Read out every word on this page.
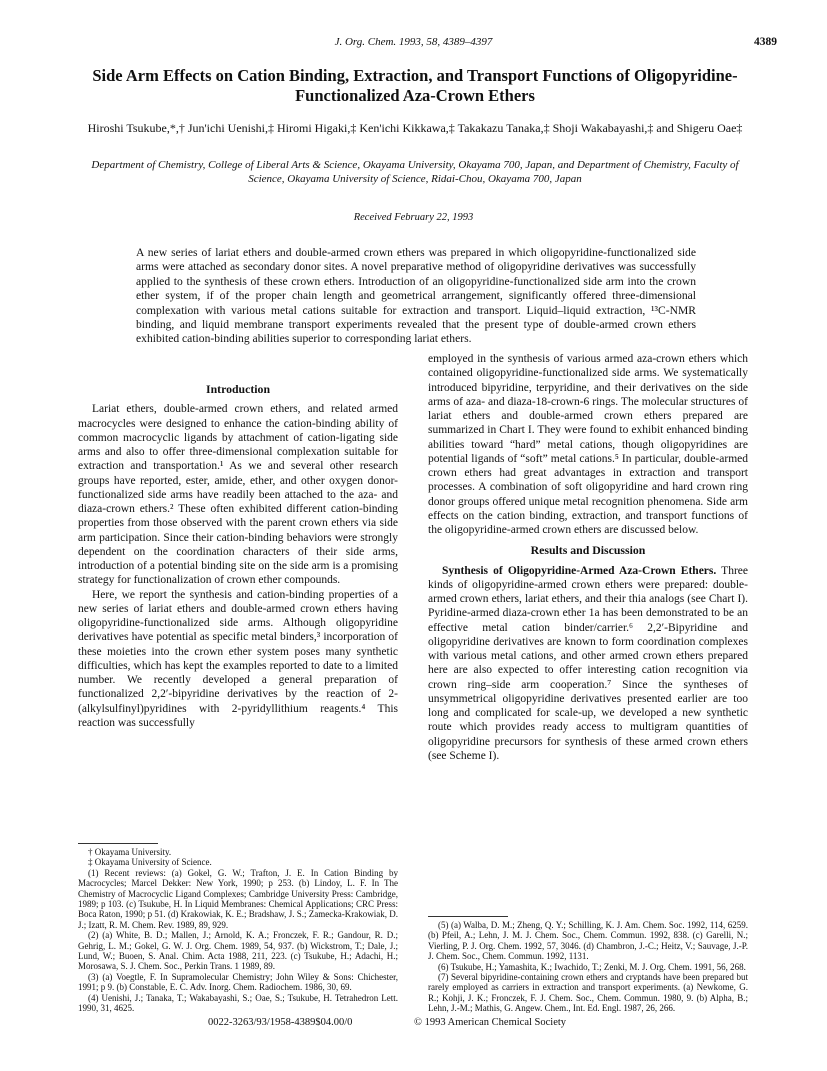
J. Org. Chem. 1993, 58, 4389–4397	4389
Side Arm Effects on Cation Binding, Extraction, and Transport Functions of Oligopyridine-Functionalized Aza-Crown Ethers
Hiroshi Tsukube,*,† Jun'ichi Uenishi,‡ Hiromi Higaki,‡ Ken'ichi Kikkawa,‡ Takakazu Tanaka,‡ Shoji Wakabayashi,‡ and Shigeru Oae‡
Department of Chemistry, College of Liberal Arts & Science, Okayama University, Okayama 700, Japan, and Department of Chemistry, Faculty of Science, Okayama University of Science, Ridai-Chou, Okayama 700, Japan
Received February 22, 1993
A new series of lariat ethers and double-armed crown ethers was prepared in which oligopyridine-functionalized side arms were attached as secondary donor sites. A novel preparative method of oligopyridine derivatives was successfully applied to the synthesis of these crown ethers. Introduction of an oligopyridine-functionalized side arm into the crown ether system, if of the proper chain length and geometrical arrangement, significantly offered three-dimensional complexation with various metal cations suitable for extraction and transport. Liquid–liquid extraction, ¹³C-NMR binding, and liquid membrane transport experiments revealed that the present type of double-armed crown ethers exhibited cation-binding abilities superior to corresponding lariat ethers.
Introduction

Lariat ethers, double-armed crown ethers, and related armed macrocycles were designed to enhance the cation-binding ability of common macrocyclic ligands by attachment of cation-ligating side arms and also to offer three-dimensional complexation suitable for extraction and transportation.¹ As we and several other research groups have reported, ester, amide, ether, and other oxygen donor-functionalized side arms have readily been attached to the aza- and diaza-crown ethers.² These often exhibited different cation-binding properties from those observed with the parent crown ethers via side arm participation. Since their cation-binding behaviors were strongly dependent on the coordination characters of their side arms, introduction of a potential binding site on the side arm is a promising strategy for functionalization of crown ether compounds.

Here, we report the synthesis and cation-binding properties of a new series of lariat ethers and double-armed crown ethers having oligopyridine-functionalized side arms. Although oligopyridine derivatives have potential as specific metal binders,³ incorporation of these moieties into the crown ether system poses many synthetic difficulties, which has kept the examples reported to date to a limited number. We recently developed a general preparation of functionalized 2,2′-bipyridine derivatives by the reaction of 2-(alkylsulfinyl)pyridines with 2-pyridyllithium reagents.⁴ This reaction was successfully

employed in the synthesis of various armed aza-crown ethers which contained oligopyridine-functionalized side arms. We systematically introduced bipyridine, terpyridine, and their derivatives on the side arms of aza- and diaza-18-crown-6 rings. The molecular structures of lariat ethers and double-armed crown ethers prepared are summarized in Chart I. They were found to exhibit enhanced binding abilities toward “hard” metal cations, though oligopyridines are potential ligands of “soft” metal cations.⁵ In particular, double-armed crown ethers had great advantages in extraction and transport processes. A combination of soft oligopyridine and hard crown ring donor groups offered unique metal recognition phenomena. Side arm effects on the cation binding, extraction, and transport functions of the oligopyridine-armed crown ethers are discussed below.

Results and Discussion

Synthesis of Oligopyridine-Armed Aza-Crown Ethers. Three kinds of oligopyridine-armed crown ethers were prepared: double-armed crown ethers, lariat ethers, and their thia analogs (see Chart I). Pyridine-armed diaza-crown ether 1a has been demonstrated to be an effective metal cation binder/carrier.⁶ 2,2′-Bipyridine and oligopyridine derivatives are known to form coordination complexes with various metal cations, and other armed crown ethers prepared here are also expected to offer interesting cation recognition via crown ring–side arm cooperation.⁷ Since the syntheses of unsymmetrical oligopyridine derivatives presented earlier are too long and complicated for scale-up, we developed a new synthetic route which provides ready access to multigram quantities of oligopyridine precursors for synthesis of these armed crown ethers (see Scheme I).

† Okayama University.

‡ Okayama University of Science.

(1) Recent reviews: (a) Gokel, G. W.; Trafton, J. E. In Cation Binding by Macrocycles; Marcel Dekker: New York, 1990; p 253. (b) Lindoy, L. F. In The Chemistry of Macrocyclic Ligand Complexes; Cambridge University Press: Cambridge, 1989; p 103. (c) Tsukube, H. In Liquid Membranes: Chemical Applications; CRC Press: Boca Raton, 1990; p 51. (d) Krakowiak, K. E.; Bradshaw, J. S.; Zamecka-Krakowiak, D. J.; Izatt, R. M. Chem. Rev. 1989, 89, 929.

(2) (a) White, B. D.; Mallen, J.; Arnold, K. A.; Fronczek, F. R.; Gandour, R. D.; Gehrig, L. M.; Gokel, G. W. J. Org. Chem. 1989, 54, 937. (b) Wickstrom, T.; Dale, J.; Lund, W.; Buoen, S. Anal. Chim. Acta 1988, 211, 223. (c) Tsukube, H.; Adachi, H.; Morosawa, S. J. Chem. Soc., Perkin Trans. 1 1989, 89.

(3) (a) Voegtle, F. In Supramolecular Chemistry; John Wiley & Sons: Chichester, 1991; p 9. (b) Constable, E. C. Adv. Inorg. Chem. Radiochem. 1986, 30, 69.

(4) Uenishi, J.; Tanaka, T.; Wakabayashi, S.; Oae, S.; Tsukube, H. Tetrahedron Lett. 1990, 31, 4625.

(5) (a) Walba, D. M.; Zheng, Q. Y.; Schilling, K. J. Am. Chem. Soc. 1992, 114, 6259. (b) Pfeil, A.; Lehn, J. M. J. Chem. Soc., Chem. Commun. 1992, 838. (c) Garelli, N.; Vierling, P. J. Org. Chem. 1992, 57, 3046. (d) Chambron, J.-C.; Heitz, V.; Sauvage, J.-P. J. Chem. Soc., Chem. Commun. 1992, 1131.

(6) Tsukube, H.; Yamashita, K.; Iwachido, T.; Zenki, M. J. Org. Chem. 1991, 56, 268.

(7) Several bipyridine-containing crown ethers and cryptands have been prepared but rarely employed as carriers in extraction and transport experiments. (a) Newkome, G. R.; Kohji, J. K.; Fronczek, F. J. Chem. Soc., Chem. Commun. 1980, 9. (b) Alpha, B.; Lehn, J.-M.; Mathis, G. Angew. Chem., Int. Ed. Engl. 1987, 26, 266.

0022-3263/93/1958-4389$04.00/0	© 1993 American Chemical Society
